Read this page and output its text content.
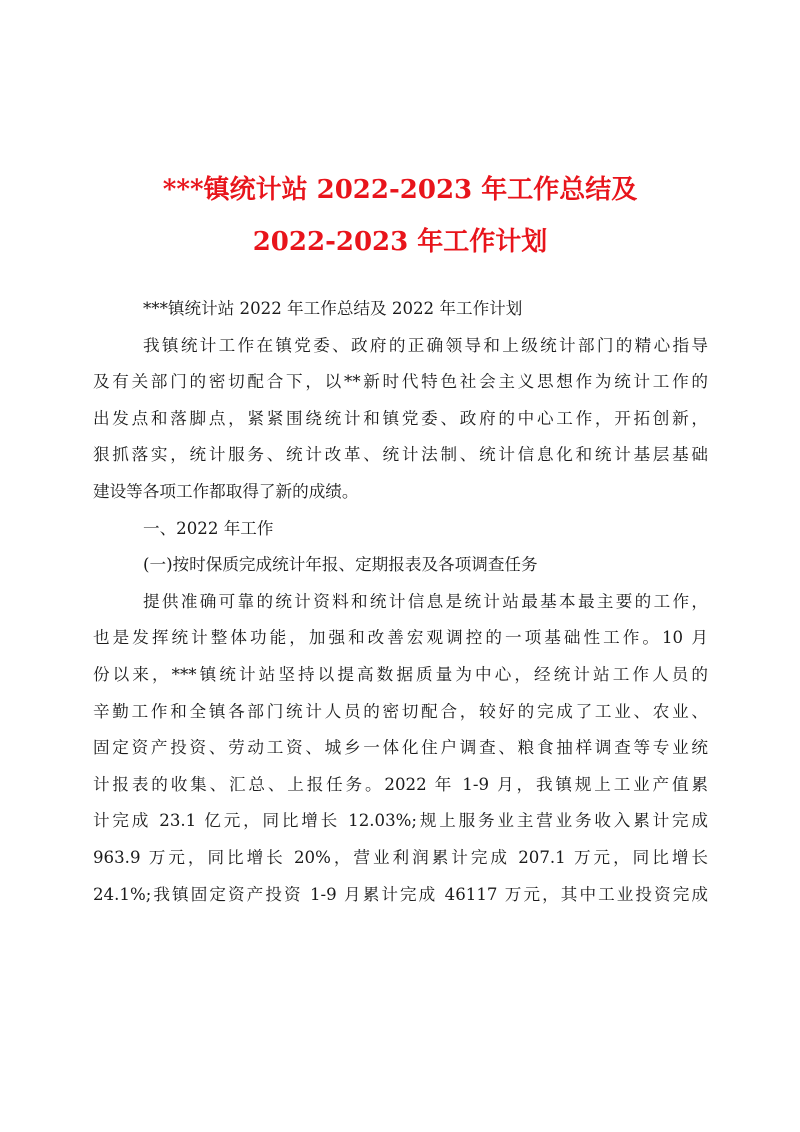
***镇统计站 2022-2023 年工作总结及
2022-2023 年工作计划
***镇统计站 2022 年工作总结及 2022 年工作计划
我镇统计工作在镇党委、政府的正确领导和上级统计部门的精心指导
及有关部门的密切配合下，以**新时代特色社会主义思想作为统计工作的
出发点和落脚点，紧紧围绕统计和镇党委、政府的中心工作，开拓创新，
狠抓落实，统计服务、统计改革、统计法制、统计信息化和统计基层基础
建设等各项工作都取得了新的成绩。
一、2022 年工作
(一)按时保质完成统计年报、定期报表及各项调查任务
提供准确可靠的统计资料和统计信息是统计站最基本最主要的工作，
也是发挥统计整体功能，加强和改善宏观调控的一项基础性工作。10 月
份以来，***镇统计站坚持以提高数据质量为中心，经统计站工作人员的
辛勤工作和全镇各部门统计人员的密切配合，较好的完成了工业、农业、
固定资产投资、劳动工资、城乡一体化住户调查、粮食抽样调查等专业统
计报表的收集、汇总、上报任务。2022 年 1-9 月，我镇规上工业产值累
计完成 23.1 亿元，同比增长 12.03%;规上服务业主营业务收入累计完成
963.9 万元，同比增长 20%，营业利润累计完成 207.1 万元，同比增长
24.1%;我镇固定资产投资 1-9 月累计完成 46117 万元，其中工业投资完成
